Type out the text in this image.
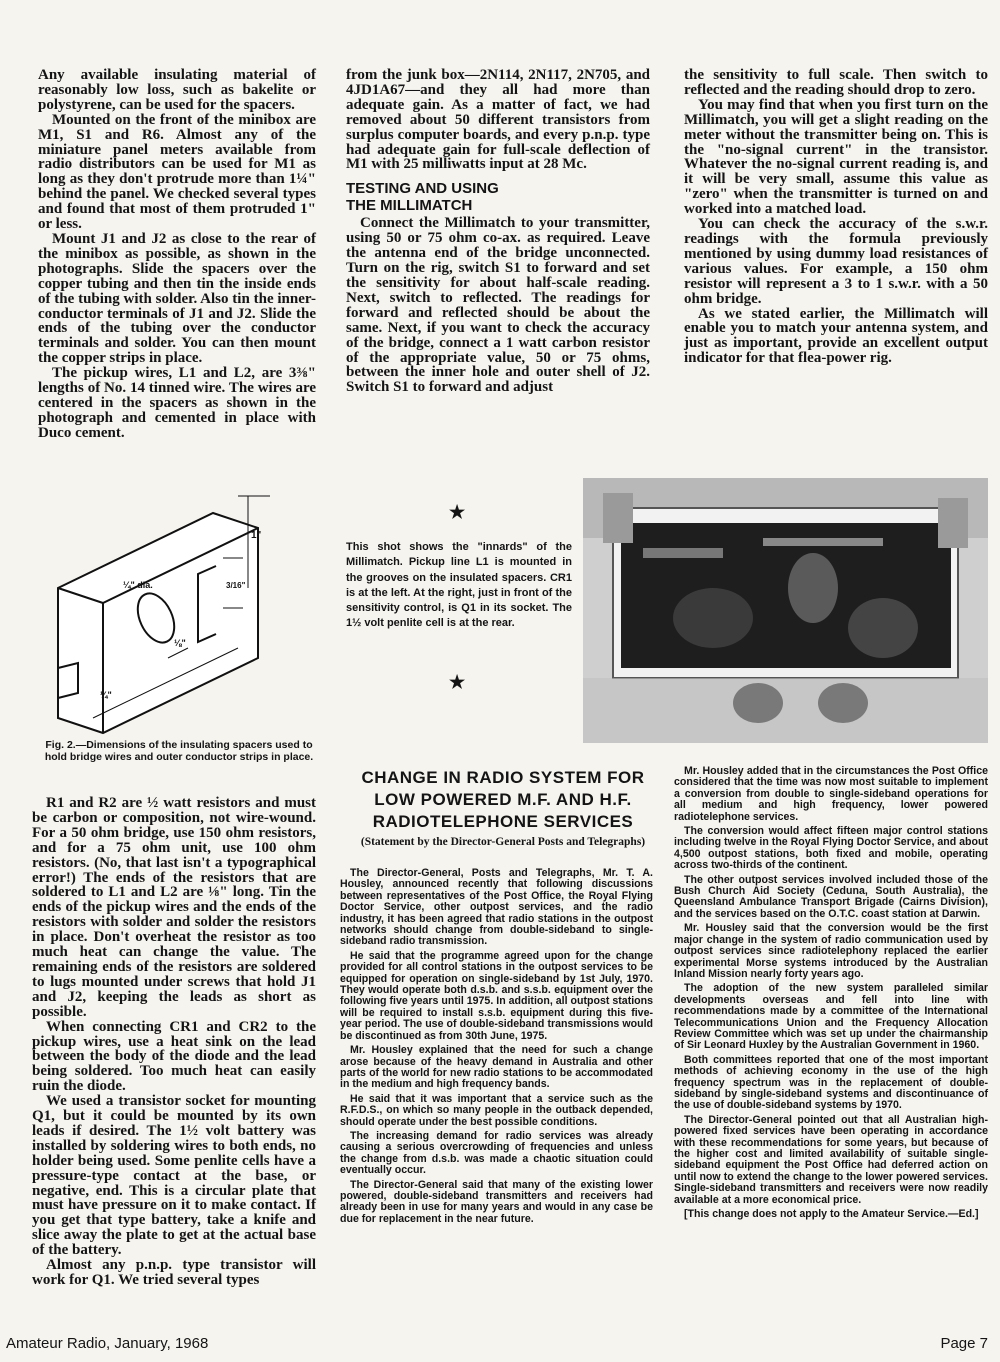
Any available insulating material of reasonably low loss, such as bakelite or polystyrene, can be used for the spacers.

Mounted on the front of the minibox are M1, S1 and R6. Almost any of the miniature panel meters available from radio distributors can be used for M1 as long as they don't protrude more than 1¼" behind the panel. We checked several types and found that most of them protruded 1" or less.

Mount J1 and J2 as close to the rear of the minibox as possible, as shown in the photographs. Slide the spacers over the copper tubing and then tin the inside ends of the tubing with solder. Also tin the inner-conductor terminals of J1 and J2. Slide the ends of the tubing over the conductor terminals and solder. You can then mount the copper strips in place.

The pickup wires, L1 and L2, are 3⅜" lengths of No. 14 tinned wire. The wires are centered in the spacers as shown in the photograph and cemented in place with Duco cement.

from the junk box—2N114, 2N117, 2N705, and 4JD1A67—and they all had more than adequate gain. As a matter of fact, we had removed about 50 different transistors from surplus computer boards, and every p.n.p. type had adequate gain for full-scale deflection of M1 with 25 milliwatts input at 28 Mc.

TESTING AND USING
THE MILLIMATCH

Connect the Millimatch to your transmitter, using 50 or 75 ohm co-ax. as required. Leave the antenna end of the bridge unconnected. Turn on the rig, switch S1 to forward and set the sensitivity for about half-scale reading. Next, switch to reflected. The readings for forward and reflected should be about the same. Next, if you want to check the accuracy of the bridge, connect a 1 watt carbon resistor of the appropriate value, 50 or 75 ohms, between the inner hole and outer shell of J2. Switch S1 to forward and adjust

the sensitivity to full scale. Then switch to reflected and the reading should drop to zero.

You may find that when you first turn on the Millimatch, you will get a slight reading on the meter without the transmitter being on. This is the "no-signal current" in the transistor. Whatever the no-signal current reading is, and it will be very small, assume this value as "zero" when the transmitter is turned on and worked into a matched load.

You can check the accuracy of the s.w.r. readings with the formula previously mentioned by using dummy load resistances of various values. For example, a 150 ohm resistor will represent a 3 to 1 s.w.r. with a 50 ohm bridge.

As we stated earlier, the Millimatch will enable you to match your antenna system, and just as important, provide an excellent output indicator for that flea-power rig.

¼" dia.
1"
3/16"
⅛"
¼"
Fig. 2.—Dimensions of the insulating spacers used to hold bridge wires and outer conductor strips in place.
★
This shot shows the "innards" of the Millimatch. Pickup line L1 is mounted in the grooves on the insulated spacers. CR1 is at the left. At the right, just in front of the sensitivity control, is Q1 in its socket. The 1½ volt penlite cell is at the rear.
★

R1 and R2 are ½ watt resistors and must be carbon or composition, not wire-wound. For a 50 ohm bridge, use 150 ohm resistors, and for a 75 ohm unit, use 100 ohm resistors. (No, that last isn't a typographical error!) The ends of the resistors that are soldered to L1 and L2 are ⅛" long. Tin the ends of the pickup wires and the ends of the resistors with solder and solder the resistors in place. Don't overheat the resistor as too much heat can change the value. The remaining ends of the resistors are soldered to lugs mounted under screws that hold J1 and J2, keeping the leads as short as possible.

When connecting CR1 and CR2 to the pickup wires, use a heat sink on the lead between the body of the diode and the lead being soldered. Too much heat can easily ruin the diode.

We used a transistor socket for mounting Q1, but it could be mounted by its own leads if desired. The 1½ volt battery was installed by soldering wires to both ends, no holder being used. Some penlite cells have a pressure-type contact at the base, or negative, end. This is a circular plate that must have pressure on it to make contact. If you get that type battery, take a knife and slice away the plate to get at the actual base of the battery.

Almost any p.n.p. type transistor will work for Q1. We tried several types

CHANGE IN RADIO SYSTEM FOR LOW POWERED M.F. AND H.F. RADIOTELEPHONE SERVICES
(Statement by the Director-General Posts and Telegraphs)

The Director-General, Posts and Telegraphs, Mr. T. A. Housley, announced recently that following discussions between representatives of the Post Office, the Royal Flying Doctor Service, other outpost services, and the radio industry, it has been agreed that radio stations in the outpost networks should change from double-sideband to single-sideband radio transmission.

He said that the programme agreed upon for the change provided for all control stations in the outpost services to be equipped for operation on single-sideband by 1st July, 1970. They would operate both d.s.b. and s.s.b. equipment over the following five years until 1975. In addition, all outpost stations will be required to install s.s.b. equipment during this five-year period. The use of double-sideband transmissions would be discontinued as from 30th June, 1975.

Mr. Housley explained that the need for such a change arose because of the heavy demand in Australia and other parts of the world for new radio stations to be accommodated in the medium and high frequency bands.

He said that it was important that a service such as the R.F.D.S., on which so many people in the outback depended, should operate under the best possible conditions.

The increasing demand for radio services was already causing a serious overcrowding of frequencies and unless the change from d.s.b. was made a chaotic situation could eventually occur.

The Director-General said that many of the existing lower powered, double-sideband transmitters and receivers had already been in use for many years and would in any case be due for replacement in the near future.

Mr. Housley added that in the circumstances the Post Office considered that the time was now most suitable to implement a conversion from double to single-sideband operations for all medium and high frequency, lower powered radiotelephone services.

The conversion would affect fifteen major control stations including twelve in the Royal Flying Doctor Service, and about 4,500 outpost stations, both fixed and mobile, operating across two-thirds of the continent.

The other outpost services involved included those of the Bush Church Aid Society (Ceduna, South Australia), the Queensland Ambulance Transport Brigade (Cairns Division), and the services based on the O.T.C. coast station at Darwin.

Mr. Housley said that the conversion would be the first major change in the system of radio communication used by outpost services since radiotelephony replaced the earlier experimental Morse systems introduced by the Australian Inland Mission nearly forty years ago.

The adoption of the new system paralleled similar developments overseas and fell into line with recommendations made by a committee of the International Telecommunications Union and the Frequency Allocation Review Committee which was set up under the chairmanship of Sir Leonard Huxley by the Australian Government in 1960.

Both committees reported that one of the most important methods of achieving economy in the use of the high frequency spectrum was in the replacement of double-sideband by single-sideband systems and discontinuance of the use of double-sideband systems by 1970.

The Director-General pointed out that all Australian high-powered fixed services have been operating in accordance with these recommendations for some years, but because of the higher cost and limited availability of suitable single-sideband equipment the Post Office had deferred action on until now to extend the change to the lower powered services. Single-sideband transmitters and receivers were now readily available at a more economical price.

[This change does not apply to the Amateur Service.—Ed.]

Amateur Radio, January, 1968	Page 7
